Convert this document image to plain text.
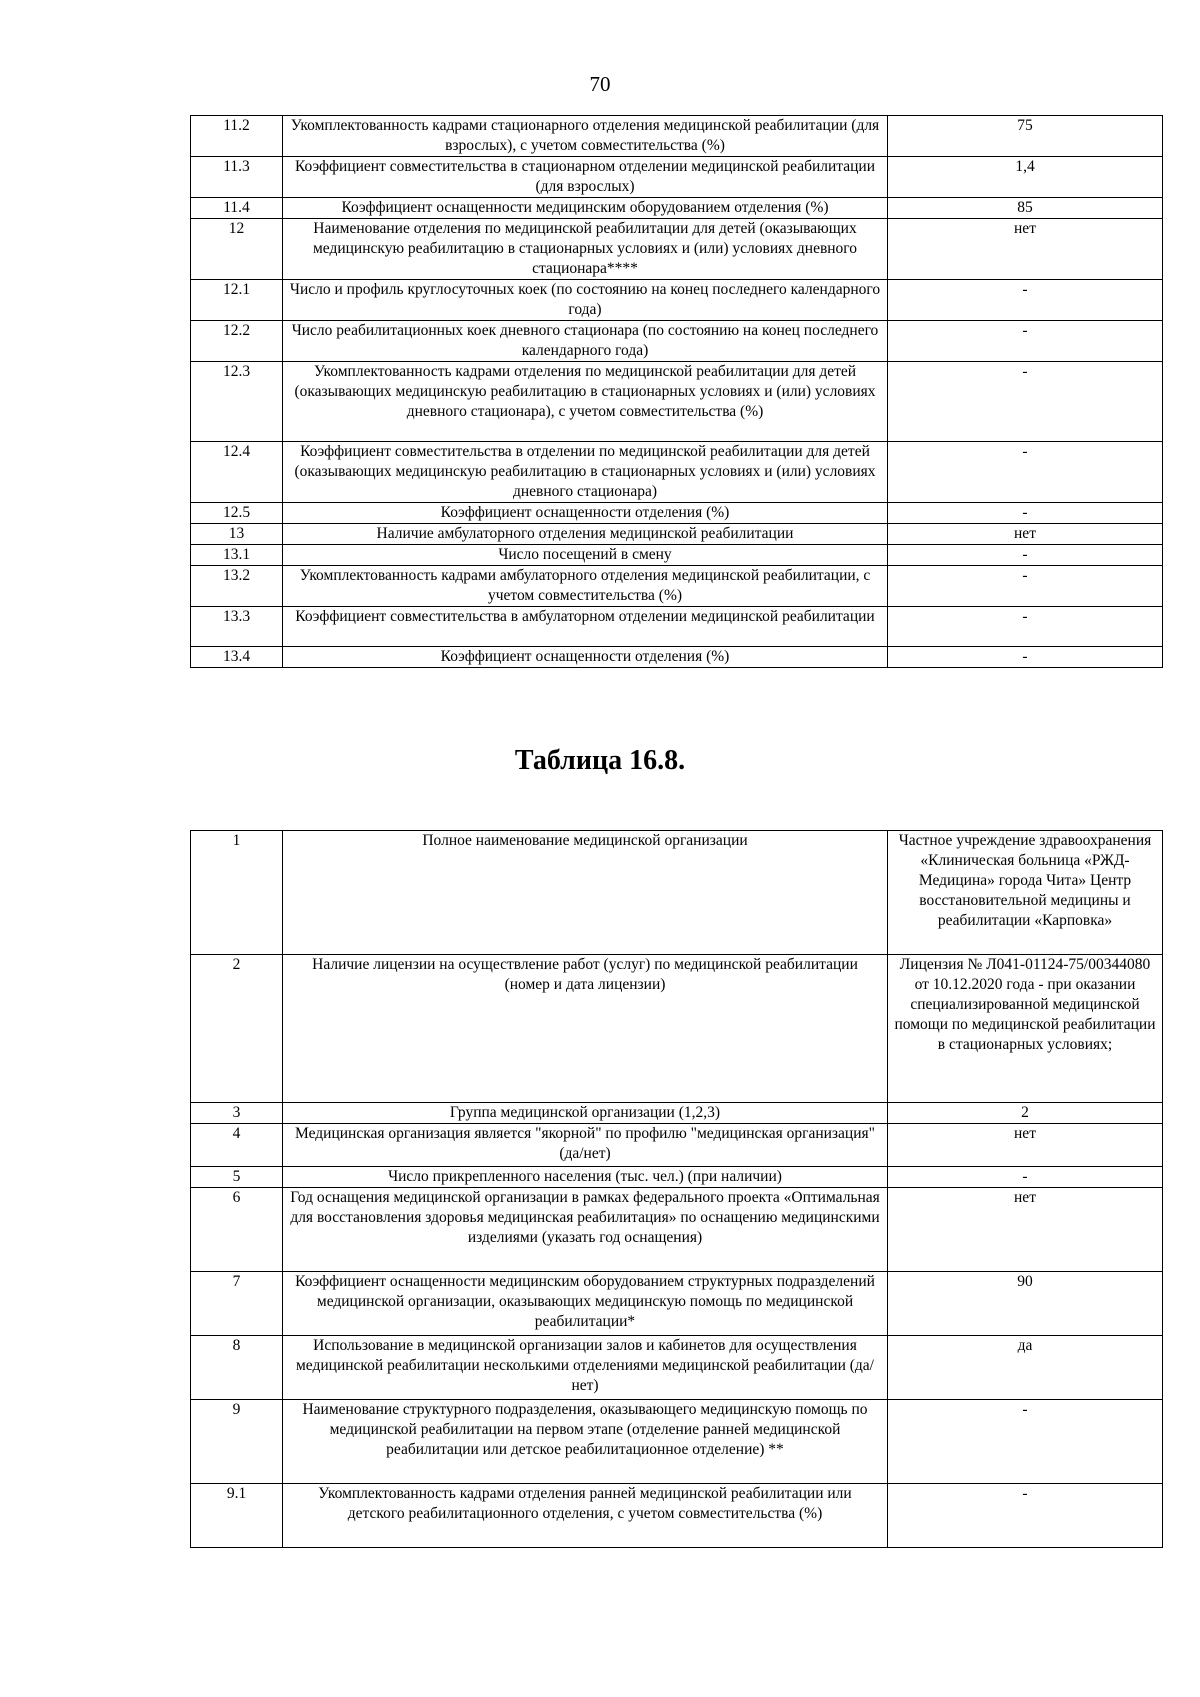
70
11.2	Укомплектованность кадрами стационарного отделения медицинской реабилитации (для взрослых), с учетом совместительства (%)	75
11.3	Коэффициент совместительства в стационарном отделении медицинской реабилитации (для взрослых)	1,4
11.4	Коэффициент оснащенности медицинским оборудованием отделения (%)	85
12	Наименование отделения по медицинской реабилитации для детей (оказывающих медицинскую реабилитацию в стационарных условиях и (или) условиях дневного стационара****	нет
12.1	Число и профиль круглосуточных коек (по состоянию на конец последнего календарного года)	-
12.2	Число реабилитационных коек дневного стационара (по состоянию на конец последнего календарного года)	-
12.3	Укомплектованность кадрами отделения по медицинской реабилитации для детей (оказывающих медицинскую реабилитацию в стационарных условиях и (или) условиях дневного стационара), с учетом совместительства (%)	-
12.4	Коэффициент совместительства в отделении по медицинской реабилитации для детей (оказывающих медицинскую реабилитацию в стационарных условиях и (или) условиях дневного стационара)	-
12.5	Коэффициент оснащенности отделения (%)	-
13	Наличие амбулаторного отделения медицинской реабилитации	нет
13.1	Число посещений в смену	-
13.2	Укомплектованность кадрами амбулаторного отделения медицинской реабилитации, с учетом совместительства (%)	-
13.3	Коэффициент совместительства в амбулаторном отделении медицинской реабилитации	-
13.4	Коэффициент оснащенности отделения (%)	-
Таблица 16.8.
1	Полное наименование медицинской организации	Частное учреждение здравоохранения «Клиническая больница «РЖД-Медицина» города Чита» Центр восстановительной медицины и реабилитации «Карповка»
2	Наличие лицензии на осуществление работ (услуг) по медицинской реабилитации (номер и дата лицензии)	Лицензия № Л041-01124-75/00344080 от 10.12.2020 года - при оказании специализированной медицинской помощи по медицинской реабилитации в стационарных условиях;
3	Группа медицинской организации (1,2,3)	2
4	Медицинская организация является "якорной" по профилю "медицинская организация" (да/нет)	нет
5	Число прикрепленного населения (тыс. чел.) (при наличии)	-
6	Год оснащения медицинской организации в рамках федерального проекта «Оптимальная для восстановления здоровья медицинская реабилитация» по оснащению медицинскими изделиями (указать год оснащения)	нет
7	Коэффициент оснащенности медицинским оборудованием структурных подразделений медицинской организации, оказывающих медицинскую помощь по медицинской реабилитации*	90
8	Использование в медицинской организации залов и кабинетов для осуществления медицинской реабилитации несколькими отделениями медицинской реабилитации (да/нет)	да
9	Наименование структурного подразделения, оказывающего медицинскую помощь по медицинской реабилитации на первом этапе (отделение ранней медицинской реабилитации или детское реабилитационное отделение) **	-
9.1	Укомплектованность кадрами отделения ранней медицинской реабилитации или детского реабилитационного отделения, с учетом совместительства (%)	-
